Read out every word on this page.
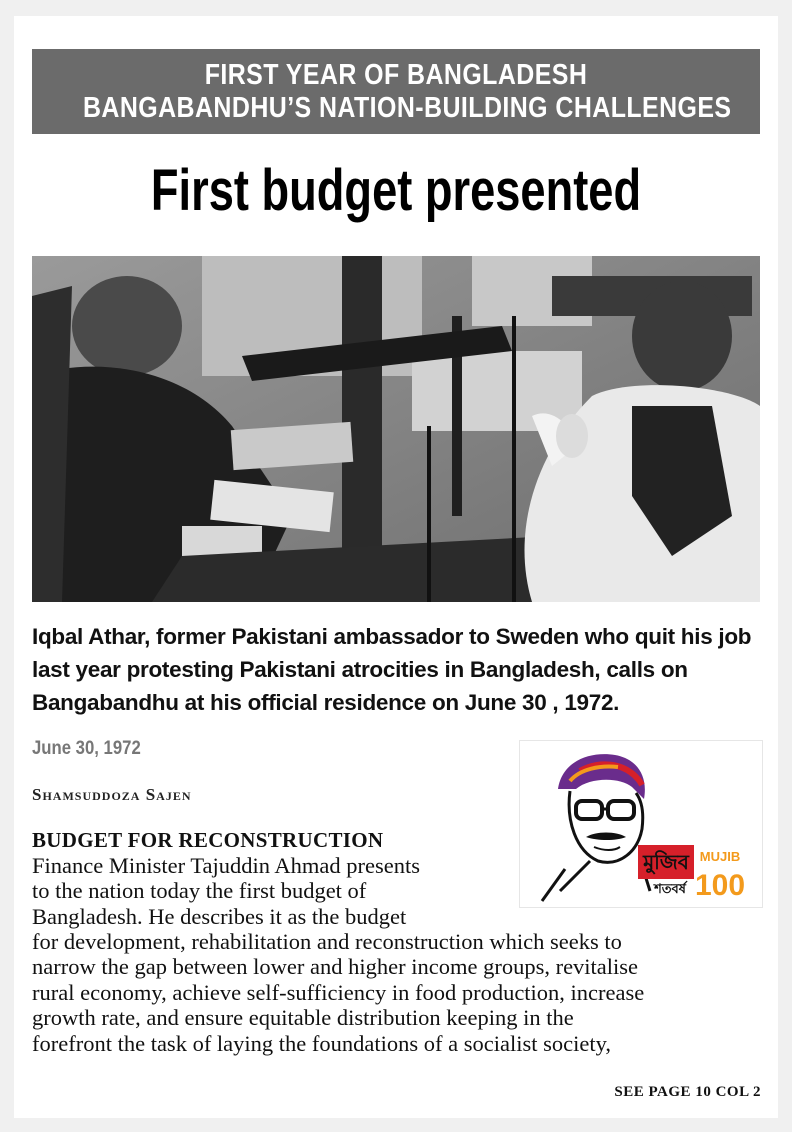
FIRST YEAR OF BANGLADESH
BANGABANDHU’S NATION-BUILDING CHALLENGES
First budget presented
Iqbal Athar, former Pakistani ambassador to Sweden who quit his job last year protesting Pakistani atrocities in Bangladesh, calls on Bangabandhu at his official residence on June 30 , 1972.
June 30, 1972
Shamsuddoza Sajen
মুজিব
শতবর্ষ
MUJIB
100
BUDGET FOR RECONSTRUCTION
Finance Minister Tajuddin Ahmad presents
to the nation today the first budget of
Bangladesh. He describes it as the budget
for development, rehabilitation and reconstruction which seeks to
narrow the gap between lower and higher income groups, revitalise
rural economy, achieve self-sufficiency in food production, increase
growth rate, and ensure equitable distribution keeping in the
forefront the task of laying the foundations of a socialist society,
SEE PAGE 10 COL 2
